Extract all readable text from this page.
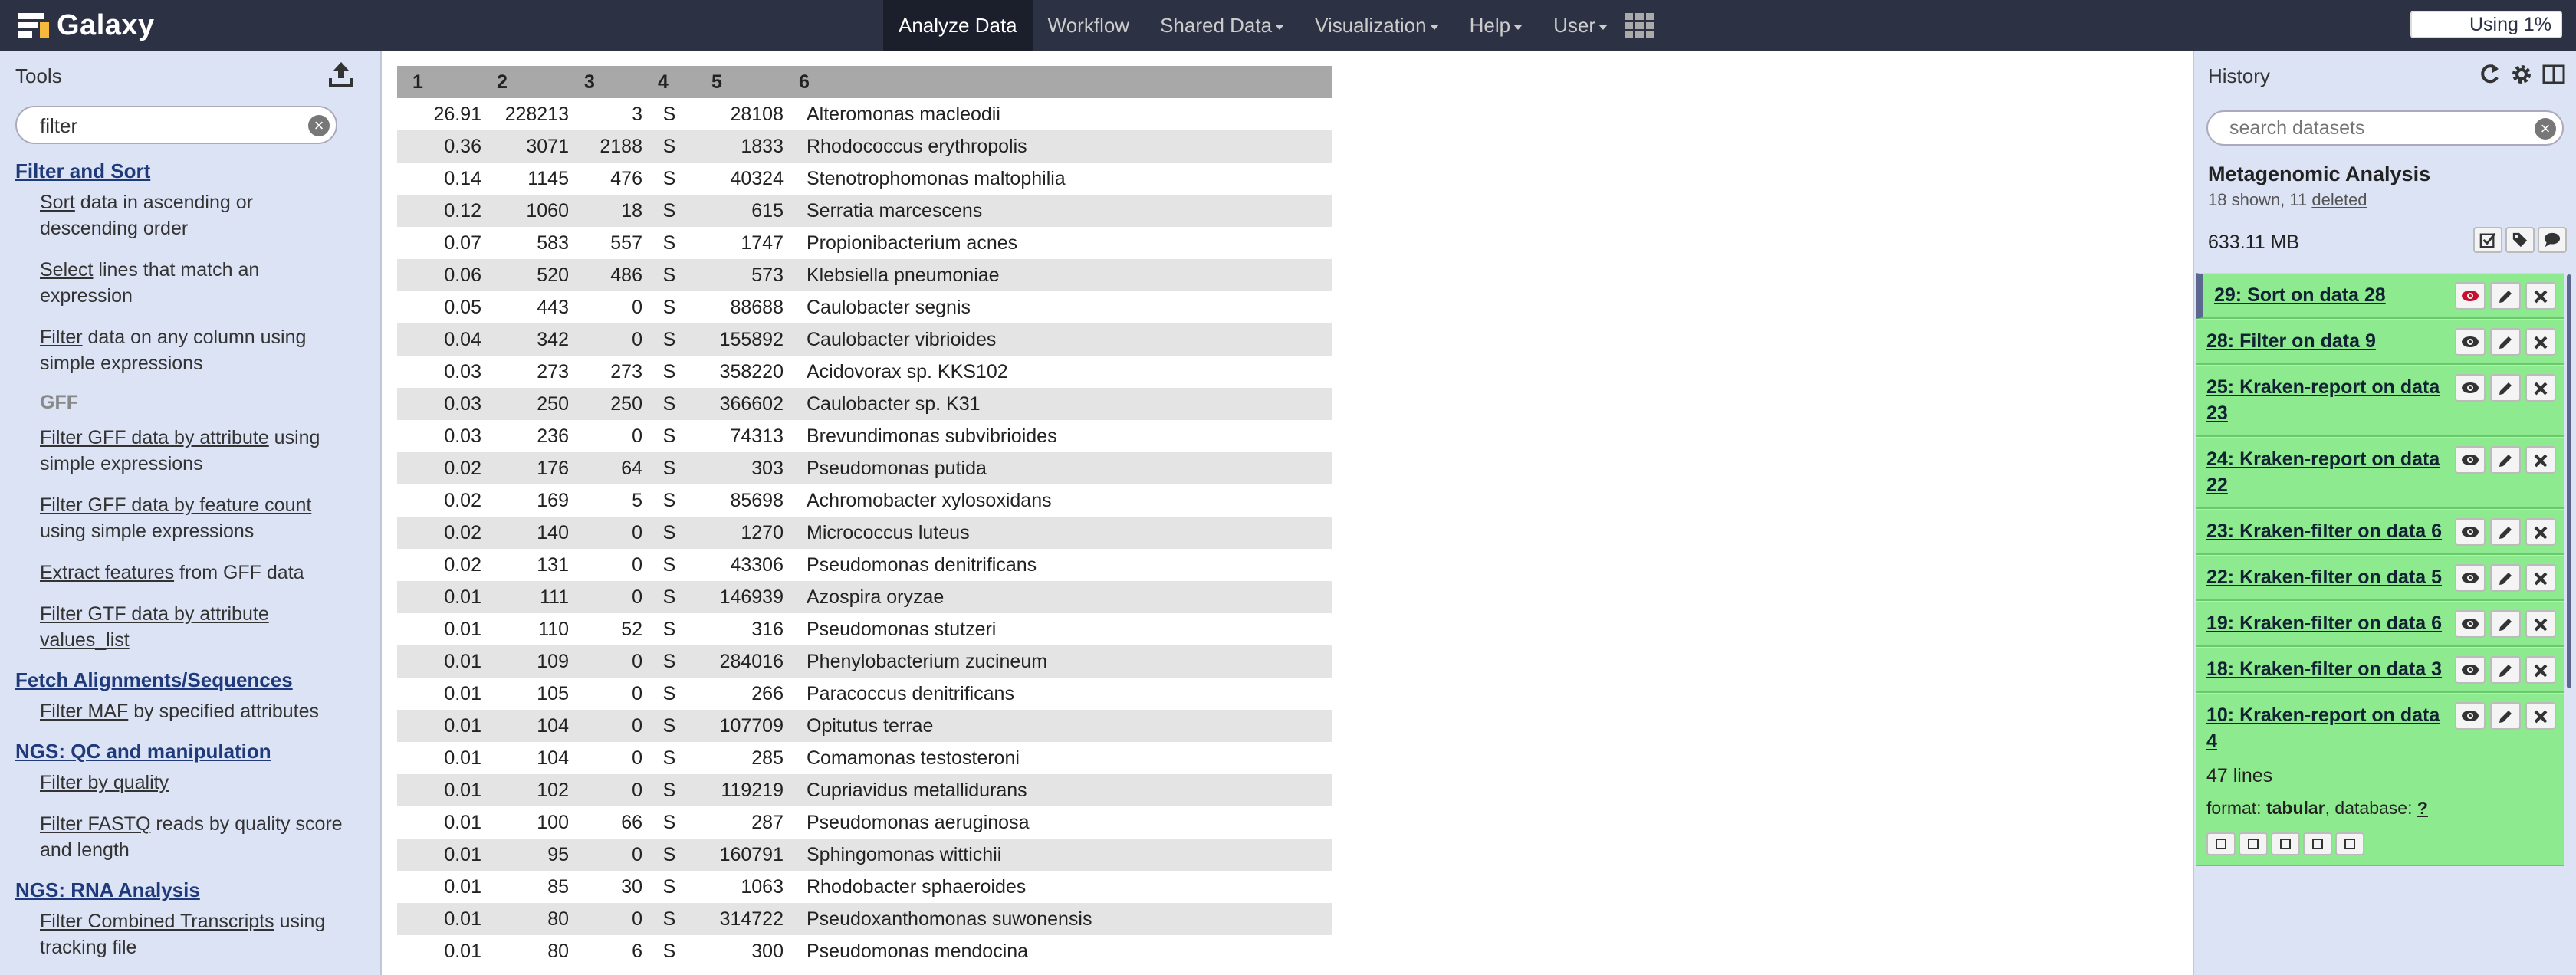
Galaxy	Analyze Data	Workflow	Shared Data	Visualization	Help	User	Using 1%
Tools
filter
×
Filter and Sort
Sort data in ascending or descending order
Select lines that match an expression
Filter data on any column using simple expressions
GFF
Filter GFF data by attribute using simple expressions
Filter GFF data by feature count using simple expressions
Extract features from GFF data
Filter GTF data by attribute values_list
Fetch Alignments/Sequences
Filter MAF by specified attributes
NGS: QC and manipulation
Filter by quality
Filter FASTQ reads by quality score and length
NGS: RNA Analysis
Filter Combined Transcripts using tracking file
1	2	3	4	5	6
26.91	228213	3	S	28108	Alteromonas macleodii
0.36	3071	2188	S	1833	Rhodococcus erythropolis
0.14	1145	476	S	40324	Stenotrophomonas maltophilia
0.12	1060	18	S	615	Serratia marcescens
0.07	583	557	S	1747	Propionibacterium acnes
0.06	520	486	S	573	Klebsiella pneumoniae
0.05	443	0	S	88688	Caulobacter segnis
0.04	342	0	S	155892	Caulobacter vibrioides
0.03	273	273	S	358220	Acidovorax sp. KKS102
0.03	250	250	S	366602	Caulobacter sp. K31
0.03	236	0	S	74313	Brevundimonas subvibrioides
0.02	176	64	S	303	Pseudomonas putida
0.02	169	5	S	85698	Achromobacter xylosoxidans
0.02	140	0	S	1270	Micrococcus luteus
0.02	131	0	S	43306	Pseudomonas denitrificans
0.01	111	0	S	146939	Azospira oryzae
0.01	110	52	S	316	Pseudomonas stutzeri
0.01	109	0	S	284016	Phenylobacterium zucineum
0.01	105	0	S	266	Paracoccus denitrificans
0.01	104	0	S	107709	Opitutus terrae
0.01	104	0	S	285	Comamonas testosteroni
0.01	102	0	S	119219	Cupriavidus metallidurans
0.01	100	66	S	287	Pseudomonas aeruginosa
0.01	95	0	S	160791	Sphingomonas wittichii
0.01	85	30	S	1063	Rhodobacter sphaeroides
0.01	80	0	S	314722	Pseudoxanthomonas suwonensis
0.01	80	6	S	300	Pseudomonas mendocina
History
search datasets
×
Metagenomic Analysis
18 shown, 11 deleted
633.11 MB
29: Sort on data 28
28: Filter on data 9
25: Kraken-report on data 23
24: Kraken-report on data 22
23: Kraken-filter on data 6
22: Kraken-filter on data 5
19: Kraken-filter on data 6
18: Kraken-filter on data 3
10: Kraken-report on data 4
47 lines
format: tabular, database: ?
